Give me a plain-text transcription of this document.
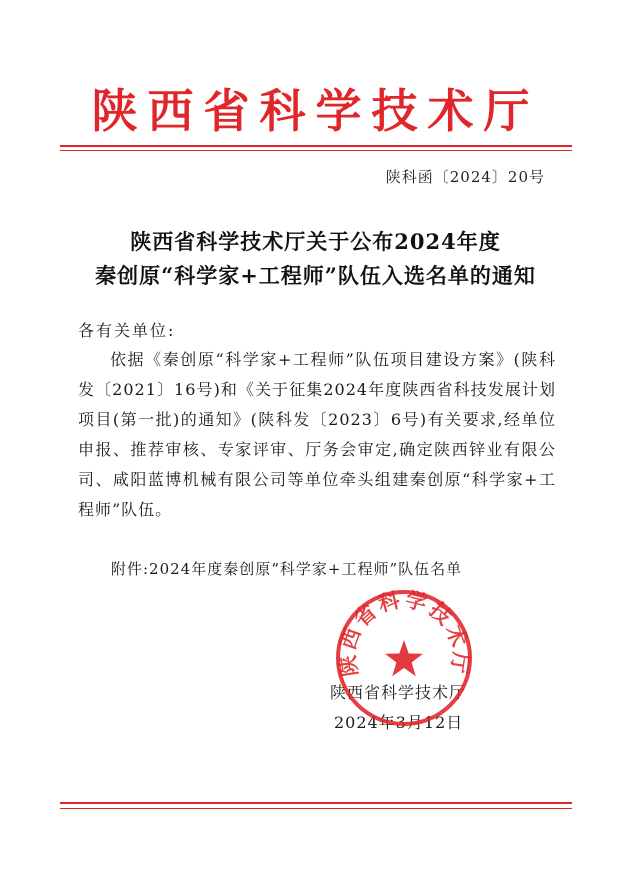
陕西省科学技术厅
陕科函〔2024〕20号
陕西省科学技术厅关于公布2024年度
秦创原“科学家+工程师”队伍入选名单的通知
各有关单位:

依据《秦创原“科学家+工程师”队伍项目建设方案》(陕科发〔2021〕16号)和《关于征集2024年度陕西省科技发展计划项目(第一批)的通知》(陕科发〔2023〕6号)有关要求,经单位申报、推荐审核、专家评审、厅务会审定,确定陕西锌业有限公司、咸阳蓝博机械有限公司等单位牵头组建秦创原“科学家+工程师”队伍。

附件:2024年度秦创原“科学家+工程师”队伍名单
陕西省科学技术厅
2024年3月12日
陕西省科学技术厅
